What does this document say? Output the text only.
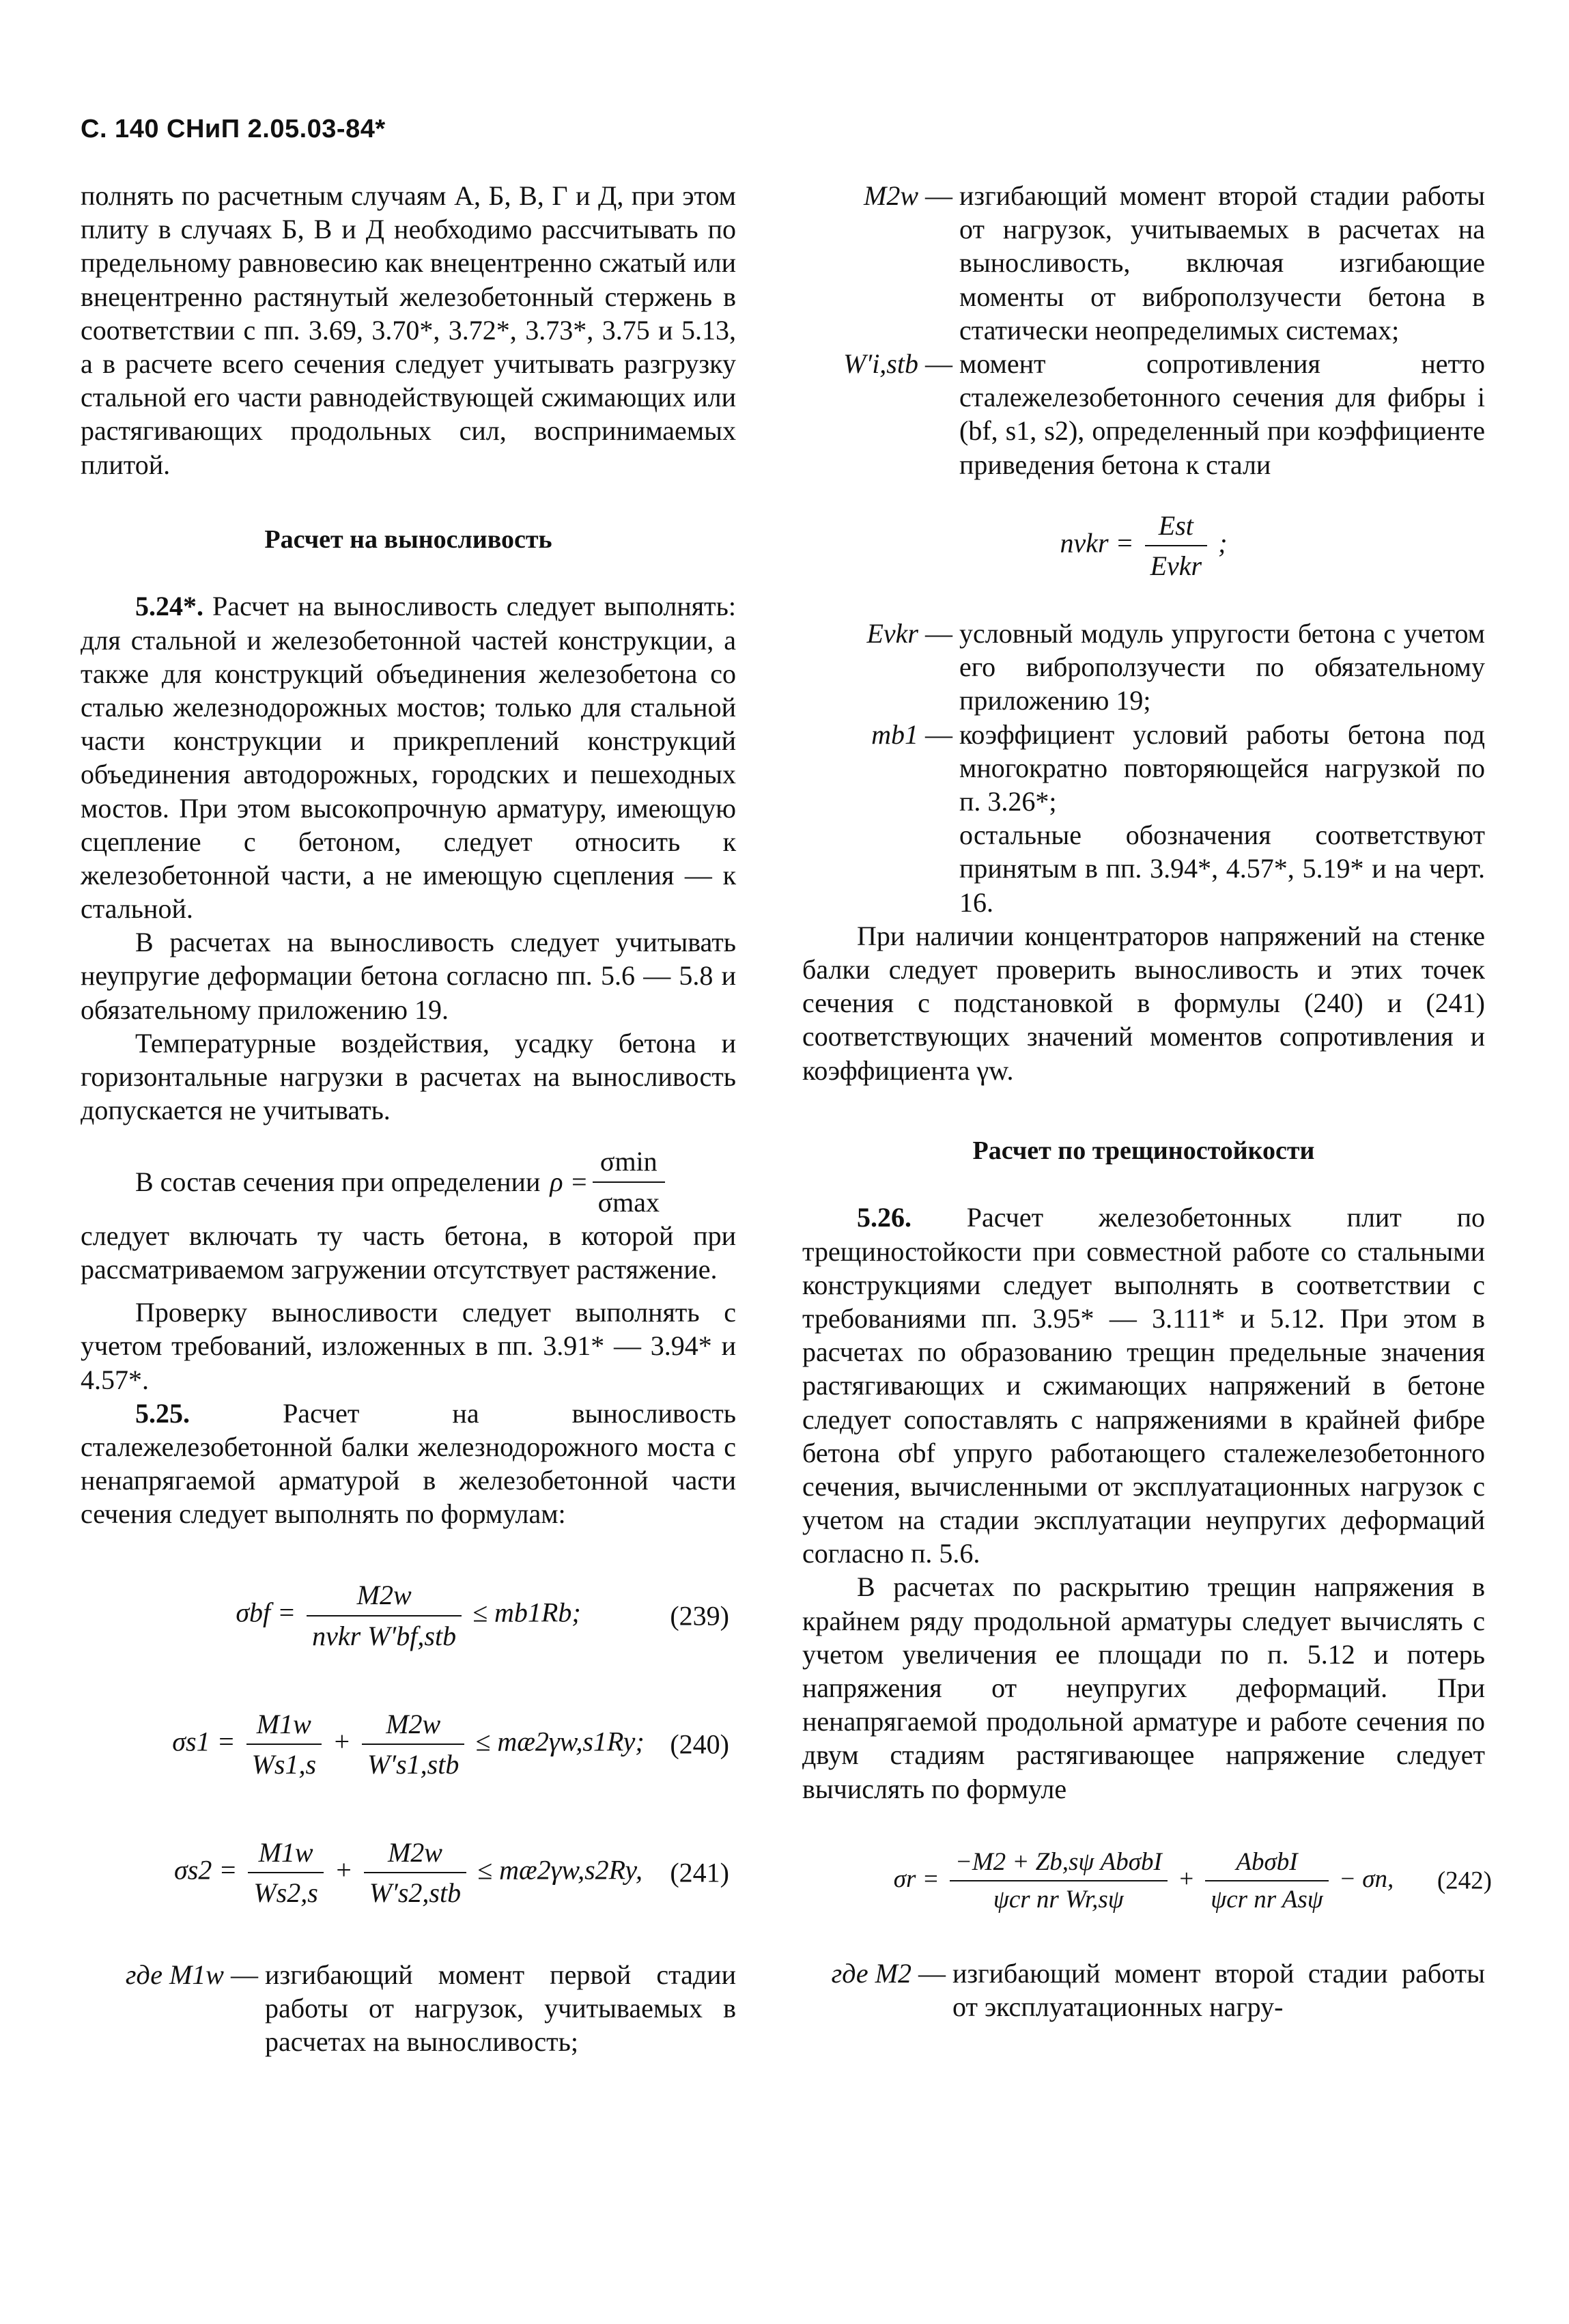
С. 140 СНиП 2.05.03-84*

полнять по расчетным случаям А, Б, В, Г и Д, при этом плиту в случаях Б, В и Д необходимо рассчитывать по предельному равновесию как внецентренно сжатый или внецентренно растянутый железобетонный стержень в соответствии с пп. 3.69, 3.70*, 3.72*, 3.73*, 3.75 и 5.13, а в расчете всего сечения следует учитывать разгрузку стальной его части равнодействующей сжимающих или растягивающих продольных сил, воспринимаемых плитой.

Расчет на выносливость

5.24*. Расчет на выносливость следует выполнять: для стальной и железобетонной частей конструкции, а также для конструкций объединения железобетона со сталью железнодорожных мостов; только для стальной части конструкции и прикреплений конструкций объединения автодорожных, городских и пешеходных мостов. При этом высокопрочную арматуру, имеющую сцепление с бетоном, следует относить к железобетонной части, а не имеющую сцепления — к стальной.

В расчетах на выносливость следует учитывать неупругие деформации бетона согласно пп. 5.6 — 5.8 и обязательному приложению 19.

Температурные воздействия, усадку бетона и горизонтальные нагрузки в расчетах на выносливость допускается не учитывать.

В состав сечения при определении $\rho = \frac{\sigma\min}{\sigma\max}$

следует включать ту часть бетона, в которой при рассматриваемом загружении отсутствует растяжение.

Проверку выносливости следует выполнять с учетом требований, изложенных в пп. 3.91* — 3.94* и 4.57*.

5.25.	Расчет на выносливость сталежелезобетонной балки железнодорожного моста с ненапрягаемой арматурой в железобетонной части сечения следует выполнять по формулам:

$\sigma bf = \frac{M2w}{\text{nvkr W′bf,stb}} \le mb1Rb$;	(239)
$\sigma s1 = \frac{M1w}{Ws1,s} + \frac{M2w}{\text{W′s1,stb}}$ ≤ mæ2γw,s1Ry; (240)
$\sigma s2 = \frac{M1w}{Ws2,s} + \frac{M2w}{\text{W′s2,stb}}$ ≤ mæ2γw,s2Ry, (241)
где M1w — изгибающий момент первой стадии работы от нагрузок, учитываемых в расчетах на выносливость;
M2w — изгибающий момент второй стадии работы от нагрузок, учитываемых в расчетах на выносливость, включая изгибающие моменты от виброползучести бетона в статически неопределимых системах;
W′i,stb — момент сопротивления нетто сталежелезобетонного сечения для фибры i (bf, s1, s2), определенный при коэффициенте приведения бетона к стали
nvkr = $\frac{\text{Est}}{\text{Evkr}}$ ;
Evkr — условный модуль упругости бетона с учетом его виброползучести по обязательному приложению 19;
mb1 — коэффициент условий работы бетона под многократно повторяющейся нагрузкой по п. 3.26*;
остальные обозначения соответствуют принятым в пп. 3.94*, 4.57*, 5.19* и на черт. 16.

При наличии концентраторов напряжений на стенке балки следует проверить выносливость и этих точек сечения с подстановкой в формулы (240) и (241) соответствующих значений моментов сопротивления и коэффициента γw.

Расчет по трещиностойкости

5.26. Расчет железобетонных плит по трещиностойкости при совместной работе со стальными конструкциями следует выполнять в соответствии с требованиями пп. 3.95* — 3.111* и 5.12. При этом в расчетах по образованию трещин предельные значения растягивающих и сжимающих напряжений в бетоне следует сопоставлять с напряжениями в крайней фибре бетона σbf упруго работающего сталежелезобетонного сечения, вычисленными от эксплуатационных нагрузок с учетом на стадии эксплуатации неупругих деформаций согласно п. 5.6.

В расчетах по раскрытию трещин напряжения в крайнем ряду продольной арматуры следует вычислять с учетом увеличения ее площади по п. 5.12 и потерь напряжения от неупругих деформаций. При ненапрягаемой продольной арматуре и работе сечения по двум стадиям растягивающее напряжение следует вычислять по формуле

$\sigma r = \frac{\text{−M2 + Zb,sψ AbσbI}}{\text{ψcr nr Wr,sψ}} + \frac{\text{AbσbI}}{\text{ψcr nr Asψ}} - \sigma n$, (242)
где M2 — изгибающий момент второй стадии работы от эксплуатационных нагру-
